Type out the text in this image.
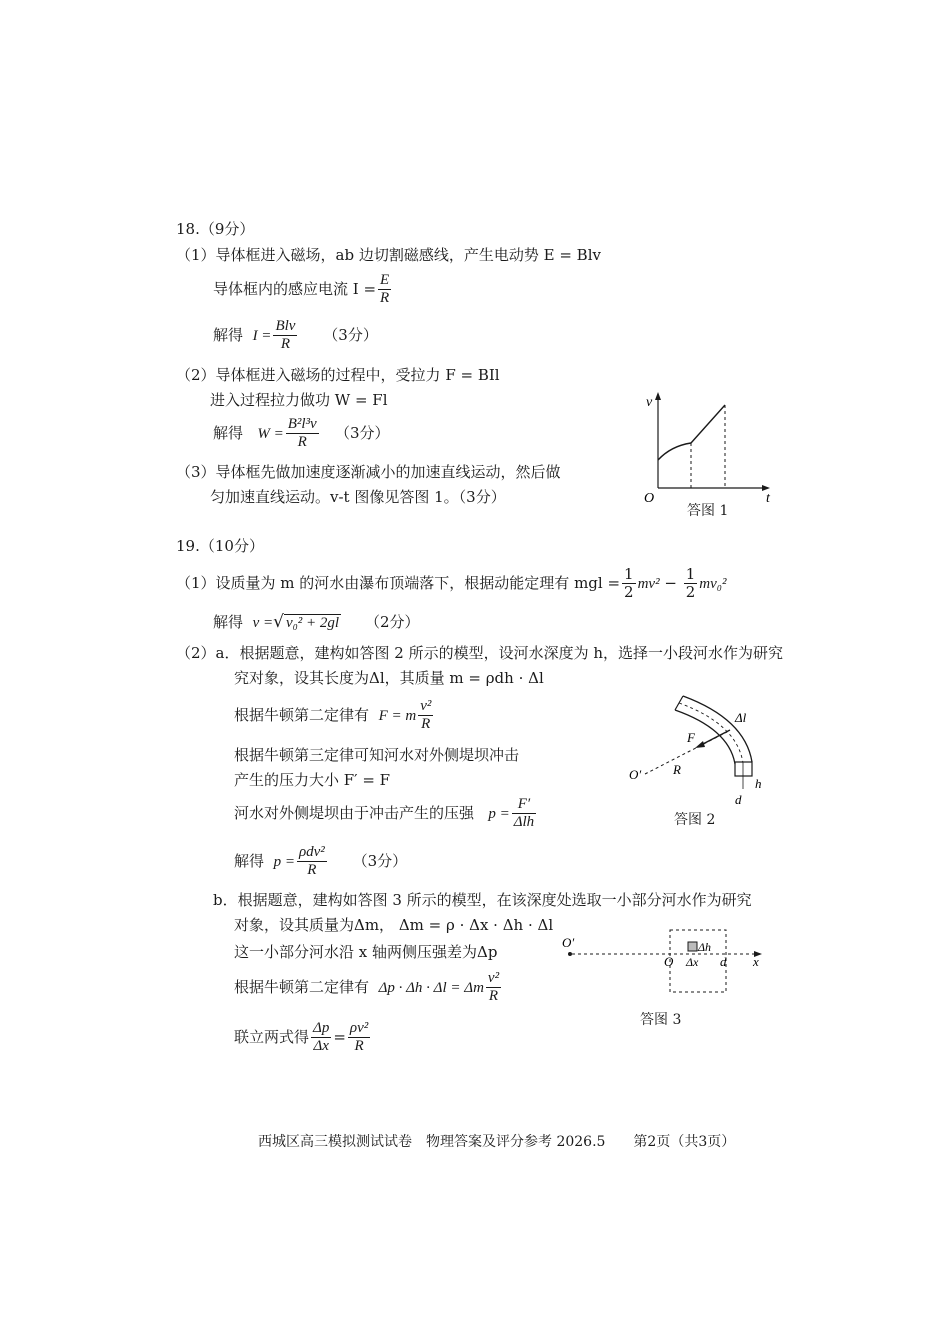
18.（9分）
（1）导体框进入磁场，ab 边切割磁感线，产生电动势 E = Blv
导体框内的感应电流 $I = \frac{E}{R}$
解得 $I = \frac{\text{Blv}}{R} (3$分）
（2）导体框进入磁场的过程中，受拉力 F = BIl
进入过程拉力做功 W = Fl
解得 $W = \frac{\text{B²l³v}}{R} (3$分）
（3）导体框先做加速度逐渐减小的加速直线运动，然后做
匀加速直线运动。v-t 图像见答图 1。（3分）
v
t
O
答图 1
19.（10分）
（1）设质量为 m 的河水由瀑布顶端落下，根据动能定理有 mgl = $\frac{1}{2} mv^2 - \frac{1}{2} mv_0^2$
解得 v =√ v₀² + 2gl （2分）
（2）a．根据题意，建构如答图 2 所示的模型，设河水深度为 h，选择一小段河水作为研究
究对象，设其长度为Δl，其质量 m = ρdh · Δl
根据牛顿第二定律有 F = m $\frac{\text{v²}}{R}$
根据牛顿第三定律可知河水对外侧堤坝冲击
产生的压力大小 F′ = F
河水对外侧堤坝由于冲击产生的压强 $p = \frac{F'}{\text{Δlh}}$
解得 $p = \frac{\text{ρdv²}}{R} (3$分）
Δl
F
O′ R
h
d
答图 2
b．根据题意，建构如答图 3 所示的模型，在该深度处选取一小部分河水作为研究
对象，设其质量为Δm， Δm = ρ · Δx · Δh · Δl
这一小部分河水沿 x 轴两侧压强差为Δp
根据牛顿第二定律有 Δp · Δh · Δl = Δm $\frac{\text{v²}}{R}$
联立两式得 $\frac{\Delta p}{\Delta x} = \frac{\text{ρv²}}{R}$
O′	Δh
Δx
O	d x
答图 3
西城区高三模拟测试试卷　物理答案及评分参考 2026.5　　第2页（共3页）
